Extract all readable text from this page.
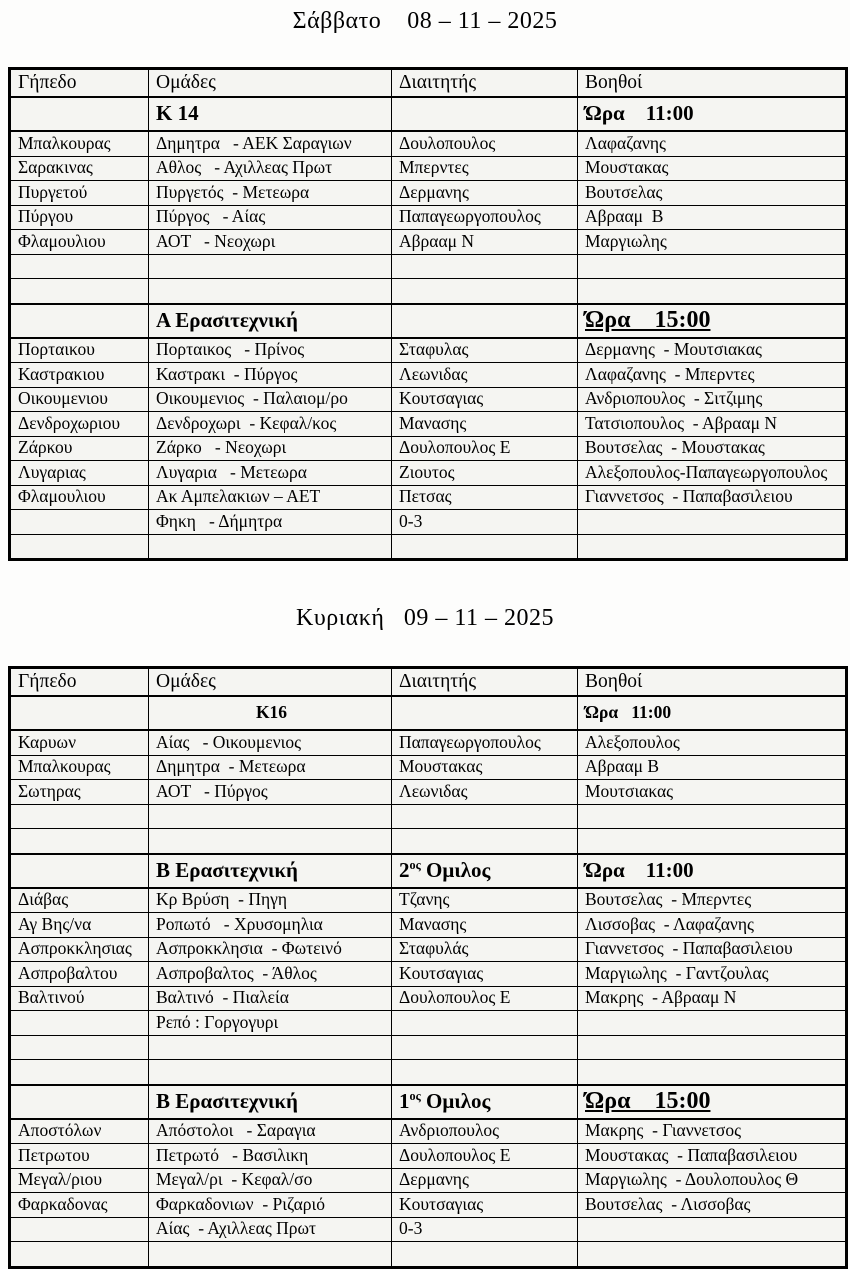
Σάββατο    08 – 11 – 2025
Γήπεδο	Ομάδες	Διαιτητής	Βοηθοί
	K 14		Ώρα    11:00
Μπαλκουρας	Δημητρα   - ΑΕΚ Σαραγιων	Δουλοπουλος	Λαφαζανης
Σαρακινας	Αθλος   - Αχιλλεας Πρωτ	Μπερντες	Μουστακας
Πυργετού	Πυργετός  - Μετεωρα	Δερμανης	Βουτσελας
Πύργου	Πύργος   - Αίας	Παπαγεωργοπουλος	Αβρααμ  Β
Φλαμουλιου	ΑΟΤ   - Νεοχωρι	Αβρααμ Ν	Μαργιωλης

	Α Ερασιτεχνική		Ώρα    15:00
Πορταικου	Πορταικος   - Πρίνος	Σταφυλας	Δερμανης  - Μουτσιακας
Καστρακιου	Καστρακι  - Πύργος	Λεωνιδας	Λαφαζανης  - Μπερντες
Οικουμενιου	Οικουμενιος  - Παλαιομ/ρο	Κουτσαγιας	Ανδριοπουλος  - Σιτζιμης
Δενδροχωριου	Δενδροχωρι  - Κεφαλ/κος	Μανασης	Τατσιοπουλος  - Αβρααμ Ν
Ζάρκου	Ζάρκο   - Νεοχωρι	Δουλοπουλος Ε	Βουτσελας  - Μουστακας
Λυγαριας	Λυγαρια   - Μετεωρα	Ζιουτος	Αλεξοπουλος-Παπαγεωργοπουλος
Φλαμουλιου	Ακ Αμπελακιων – ΑΕΤ	Πετσας	Γιαννετσος  - Παπαβασιλειου
	Φηκη   - Δήμητρα	0-3	

Κυριακή   09 – 11 – 2025
Γήπεδο	Ομάδες	Διαιτητής	Βοηθοί
	K16		Ώρα   11:00
Καρυων	Αίας   - Οικουμενιος	Παπαγεωργοπουλος	Αλεξοπουλος
Μπαλκουρας	Δημητρα  - Μετεωρα	Μουστακας	Αβρααμ Β
Σωτηρας	ΑΟΤ   - Πύργος	Λεωνιδας	Μουτσιακας

	Β Ερασιτεχνική	$2^{o\varsigma}$ Ομιλος	Ώρα    11:00
Διάβας	Κρ Βρύση  - Πηγη	Τζανης	Βουτσελας  - Μπερντες
Αγ Βης/να	Ροπωτό   - Χρυσομηλια	Μανασης	Λισσοβας  - Λαφαζανης
Ασπροκκλησιας	Ασπροκκλησια  - Φωτεινό	Σταφυλάς	Γιαννετσος  - Παπαβασιλειου
Ασπροβαλτου	Ασπροβαλτος  - Άθλος	Κουτσαγιας	Μαργιωλης  - Γαντζουλας
Βαλτινού	Βαλτινό  - Πιαλεία	Δουλοπουλος Ε	Μακρης  - Αβρααμ Ν
	Ρεπό : Γοργογυρι		

	Β Ερασιτεχνική	$1^{o\varsigma}$ Ομιλος	Ώρα    15:00
Αποστόλων	Απόστολοι   - Σαραγια	Ανδριοπουλος	Μακρης  - Γιαννετσος
Πετρωτου	Πετρωτό   - Βασιλικη	Δουλοπουλος Ε	Μουστακας  - Παπαβασιλειου
Μεγαλ/ριου	Μεγαλ/ρι  - Κεφαλ/σο	Δερμανης	Μαργιωλης  - Δουλοπουλος Θ
Φαρκαδονας	Φαρκαδονιων  - Ριζαριό	Κουτσαγιας	Βουτσελας  - Λισσοβας
	Αίας  - Αχιλλεας Πρωτ	0-3	
